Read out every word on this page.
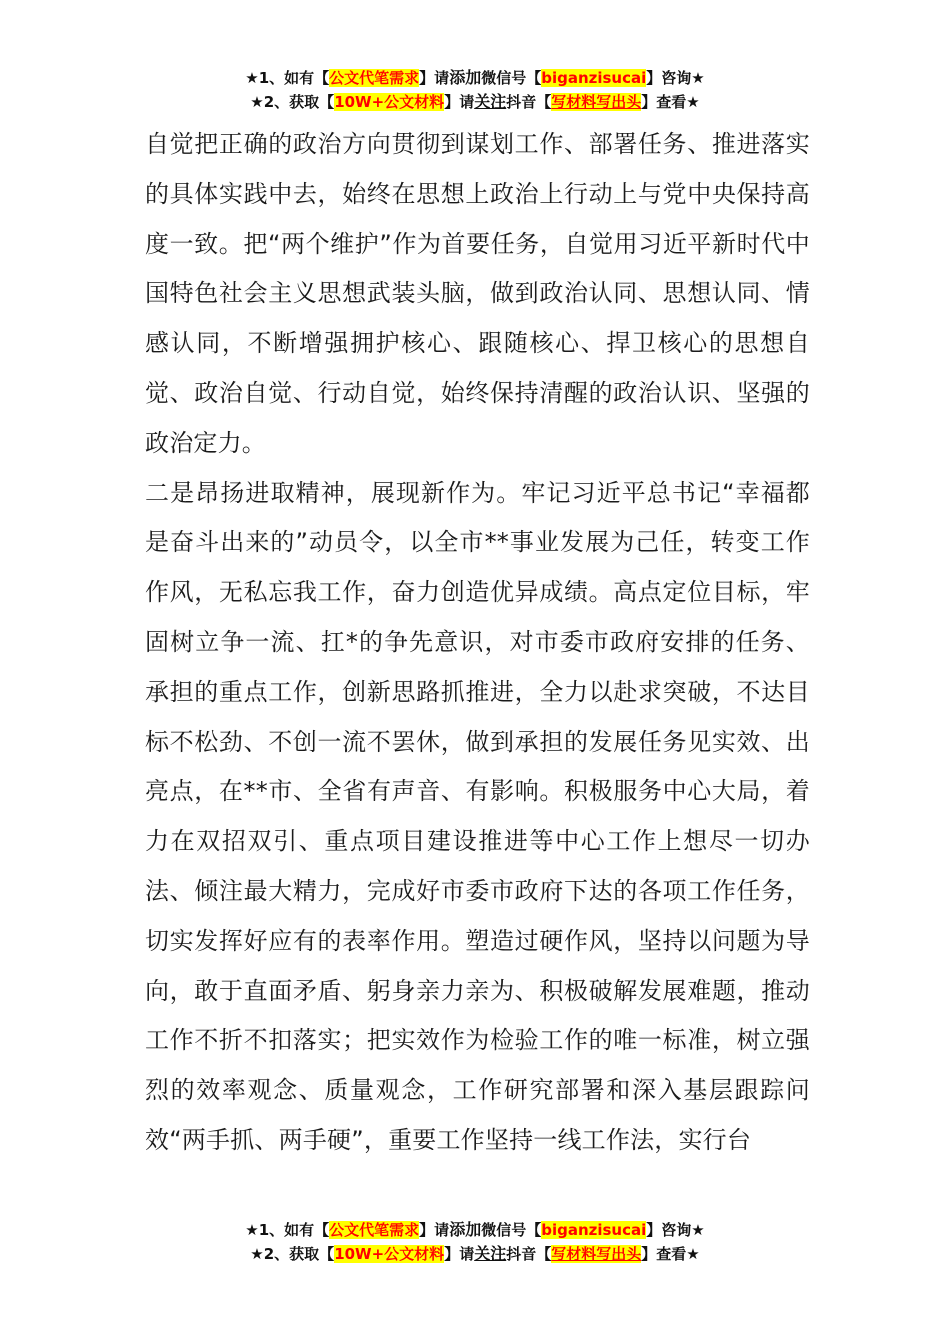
★1、如有【公文代笔需求】请添加微信号【biganzisucai】咨询★
★2、获取【10W+公文材料】请关注抖音【写材料写出头】查看★

自觉把正确的政治方向贯彻到谋划工作、部署任务、推进落实的具体实践中去，始终在思想上政治上行动上与党中央保持高度一致。把“两个维护”作为首要任务，自觉用习近平新时代中国特色社会主义思想武装头脑，做到政治认同、思想认同、情感认同，不断增强拥护核心、跟随核心、捍卫核心的思想自觉、政治自觉、行动自觉，始终保持清醒的政治认识、坚强的政治定力。

二是昂扬进取精神，展现新作为。牢记习近平总书记“幸福都是奋斗出来的”动员令，以全市**事业发展为己任，转变工作作风，无私忘我工作，奋力创造优异成绩。高点定位目标，牢固树立争一流、扛*的争先意识，对市委市政府安排的任务、承担的重点工作，创新思路抓推进，全力以赴求突破，不达目标不松劲、不创一流不罢休，做到承担的发展任务见实效、出亮点，在**市、全省有声音、有影响。积极服务中心大局，着力在双招双引、重点项目建设推进等中心工作上想尽一切办法、倾注最大精力，完成好市委市政府下达的各项工作任务，切实发挥好应有的表率作用。塑造过硬作风，坚持以问题为导向，敢于直面矛盾、躬身亲力亲为、积极破解发展难题，推动工作不折不扣落实；把实效作为检验工作的唯一标准，树立强烈的效率观念、质量观念，工作研究部署和深入基层跟踪问效“两手抓、两手硬”，重要工作坚持一线工作法，实行台

★1、如有【公文代笔需求】请添加微信号【biganzisucai】咨询★
★2、获取【10W+公文材料】请关注抖音【写材料写出头】查看★
